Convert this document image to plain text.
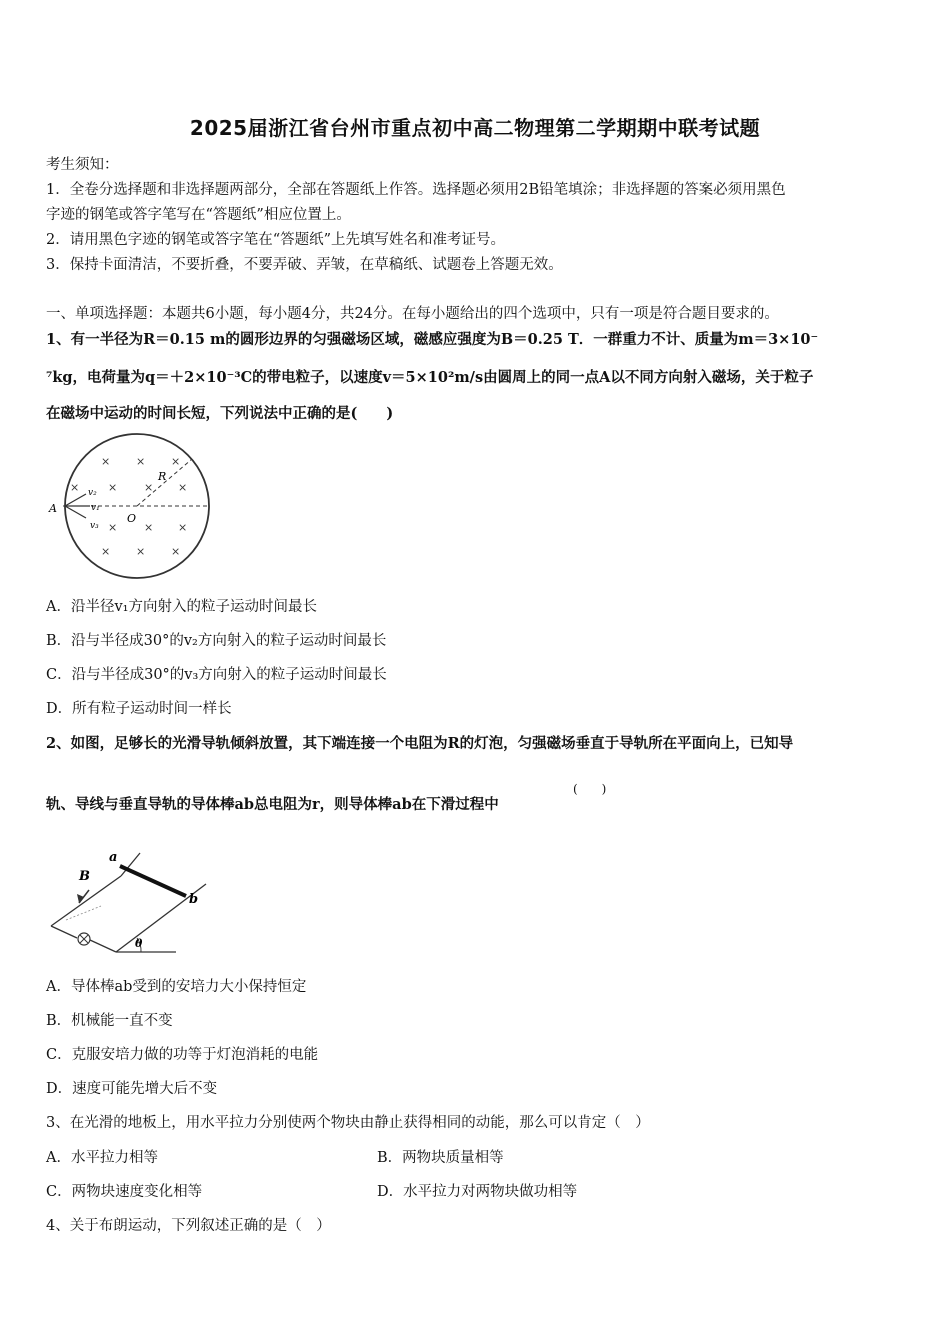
2025届浙江省台州市重点初中高二物理第二学期期中联考试题
考生须知：
1．全卷分选择题和非选择题两部分，全部在答题纸上作答。选择题必须用2B铅笔填涂；非选择题的答案必须用黑色
字迹的钢笔或答字笔写在“答题纸”相应位置上。
2．请用黑色字迹的钢笔或答字笔在“答题纸”上先填写姓名和准考证号。
3．保持卡面清洁，不要折叠，不要弄破、弄皱，在草稿纸、试题卷上答题无效。
一、单项选择题：本题共6小题，每小题4分，共24分。在每小题给出的四个选项中，只有一项是符合题目要求的。
1、有一半径为R＝0.15 m的圆形边界的匀强磁场区域，磁感应强度为B＝0.25 T．一群重力不计、质量为m＝3×10⁻
⁷kg，电荷量为q＝＋2×10⁻³C的带电粒子，以速度v＝5×10²m/s由圆周上的同一点A以不同方向射入磁场，关于粒子
在磁场中运动的时间长短，下列说法中正确的是(　　)
A
O
R
v₂
v₁
v₃
× × ×
×	× × ×
× × ×
× × ×
A．沿半径v₁方向射入的粒子运动时间最长
B．沿与半径成30°的v₂方向射入的粒子运动时间最长
C．沿与半径成30°的v₃方向射入的粒子运动时间最长
D．所有粒子运动时间一样长
2、如图，足够长的光滑导轨倾斜放置，其下端连接一个电阻为R的灯泡，匀强磁场垂直于导轨所在平面向上，已知导
轨、导线与垂直导轨的导体棒ab总电阻为r，则导体棒ab在下滑过程中
(　　)
a
b
B
θ
A．导体棒ab受到的安培力大小保持恒定
B．机械能一直不变
C．克服安培力做的功等于灯泡消耗的电能
D．速度可能先增大后不变
3、在光滑的地板上，用水平拉力分别使两个物块由静止获得相同的动能，那么可以肯定（　）
A．水平拉力相等	B．两物块质量相等
C．两物块速度变化相等	D．水平拉力对两物块做功相等
4、关于布朗运动，下列叙述正确的是（　）
